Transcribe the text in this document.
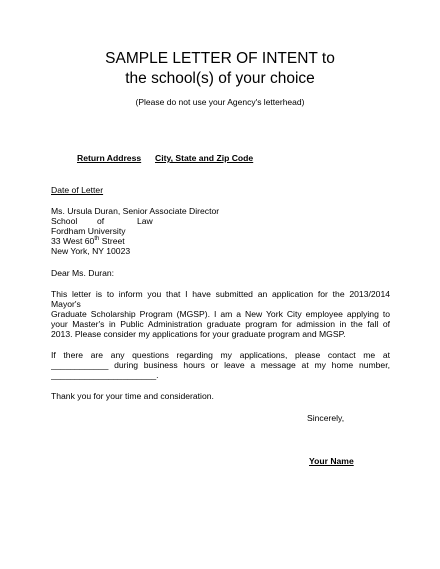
SAMPLE LETTER OF INTENT to
the school(s) of your choice
(Please do not use your Agency's letterhead)
Return Address City, State and Zip Code
Date of Letter
Ms. Ursula Duran, Senior Associate Director
School of	Law
Fordham University
33 West 60th Street
New York, NY 10023
Dear Ms. Duran:
This letter is to inform you that I have submitted an application for the 2013/2014
Mayor's
Graduate Scholarship Program (MGSP). I am a New York City employee applying to
your Master's in Public Administration graduate program for admission in the fall of
2013. Please consider my applications for your graduate program and MGSP.
If there are any questions regarding my applications, please contact me at
____________ during business hours or leave a message at my home number,
______________________.
Thank you for your time and consideration.
Sincerely,
Your Name
